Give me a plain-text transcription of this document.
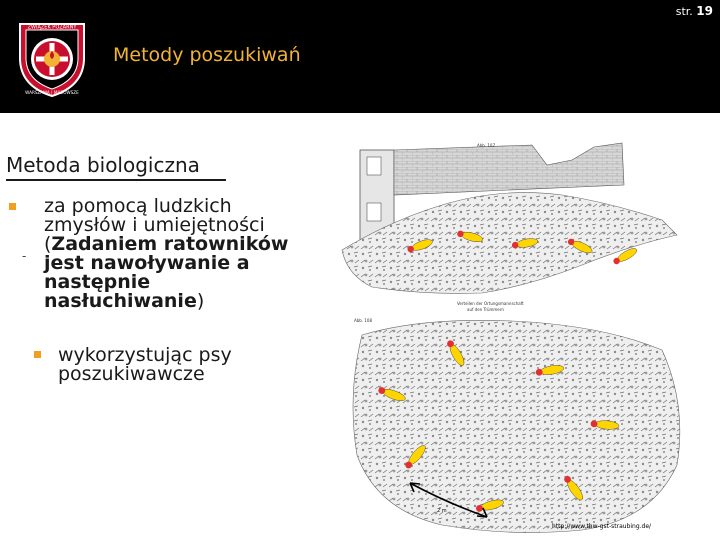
str. 19
ZWIĄZEK POŻARNY
WARSZAWA | MAZOWSZE
Metody poszukiwań
Metoda biologiczna
-
za pomocą ludzkich
zmysłów i umiejętności
(Zadaniem ratowników
jest nawoływanie a
następnie
nasłuchiwanie)
wykorzystując psy
poszukiwawcze
Abb. 107
Verteilen der Ortungsmannschaft
auf den Trümmern
Abb. 108
2 m
http://www.thw-gst-straubing.de/
